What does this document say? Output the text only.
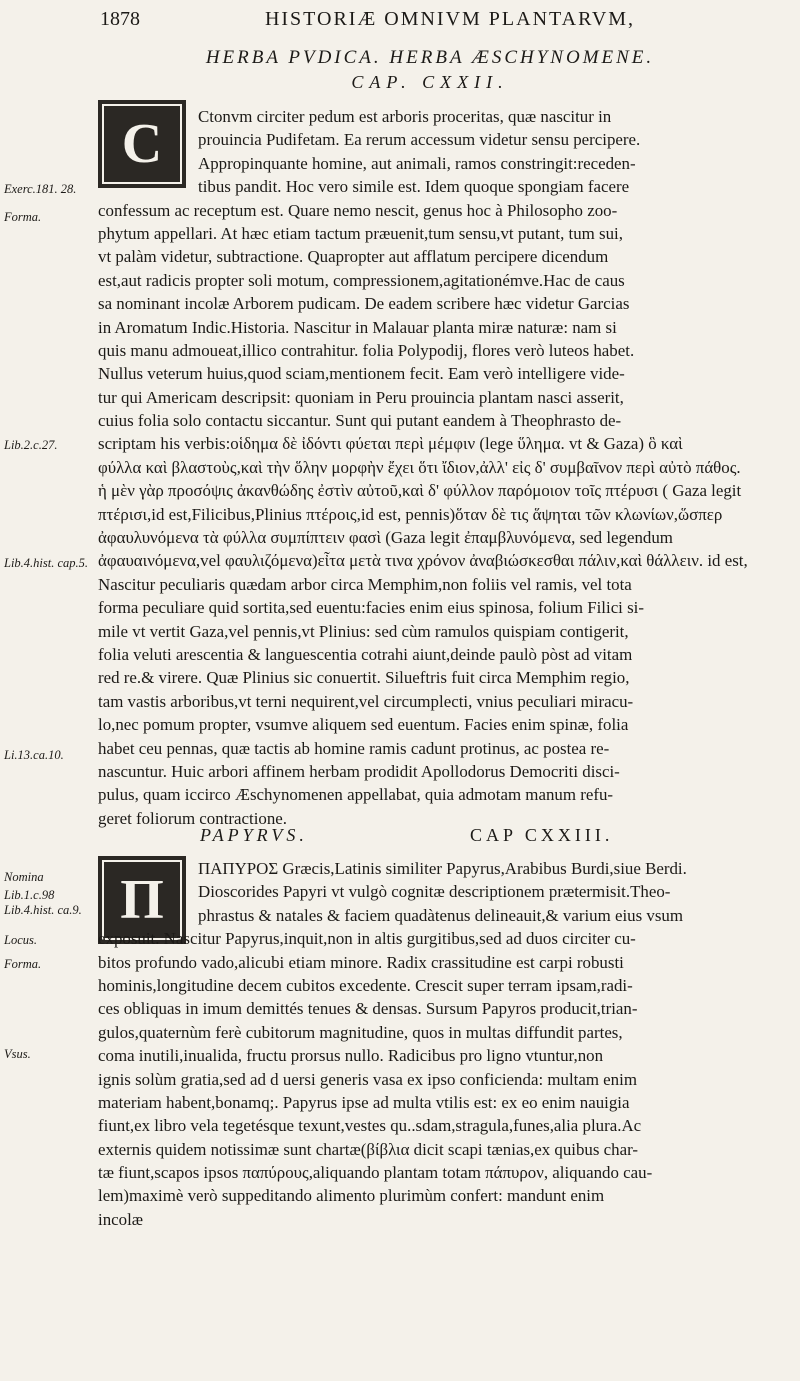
1878	HISTORIÆ OMNIVM PLANTARVM,
HERBA PVDICA. HERBA ÆSCHYNOMENE.
CAP. CXXII.
Exerc.181. 28.
Forma.
Lib.2.c.27.
Lib.4.hist. cap.5.
Li.13.ca.10.
Nomina
Lib.1.c.98 Lib.4.hist. ca.9.
Locus.
Forma.
Vsus.
C	Ctonvm circiter pedum est arboris proceritas, quæ nascitur in
prouincia Pudifetam. Ea rerum accessum videtur sensu percipere.
Appropinquante homine, aut animali, ramos constringit:receden-
tibus pandit. Hoc vero simile est. Idem quoque spongiam facere
confessum ac receptum est. Quare nemo nescit, genus hoc à Philosopho zoo-
phytum appellari. At hæc etiam tactum præuenit,tum sensu,vt putant, tum sui,
vt palàm videtur, subtractione. Quapropter aut afflatum percipere dicendum
est,aut radicis propter soli motum, compressionem,agitationémve.Hac de caus
sa nominant incolæ Arborem pudicam. De eadem scribere hæc videtur Garcias
in Aromatum Indic.Historia. Nascitur in Malauar planta miræ naturæ: nam si
quis manu admoueat,illico contrahitur. folia Polypodij, flores verò luteos habet.
Nullus veterum huius,quod sciam,mentionem fecit. Eam verò intelligere vide-
tur qui Americam descripsit: quoniam in Peru prouincia plantam nasci asserit,
cuius folia solo contactu siccantur. Sunt qui putant eandem à Theophrasto de-
scriptam his verbis:οἱδημα δὲ ἰδόντι φύεται περὶ μέμφιν (lege ὕλημα. vt & Gaza) ὃ καὶ
φύλλα καὶ βλαστοὺς,καὶ τὴν ὅλην μορφὴν ἔχει ὅτι ἴδιον,ἀλλ' εἰς δ' συμβαῖνον περὶ αὐτὸ πάθος.
ἡ μὲν γὰρ προσόψις ἀκανθώδης ἐστὶν αὐτοῦ,καὶ δ' φύλλον παρόμοιον τοῖς πτέρυσι ( Gaza legit
πτέρισι,id est,Filicibus,Plinius πτέροις,id est, pennis)ὅταν δὲ τις ἅψηται τῶν κλωνίων,ὥσπερ
ἀφαυλυνόμενα τὰ φύλλα συμπίπτειν φασὶ (Gaza legit ἐπαμβλυνόμενα, sed legendum
ἀφαυαινόμενα,vel φαυλιζόμενα)εἶτα μετὰ τινα χρόνον ἀναβιώσκεσθαι πάλιν,καὶ θάλλειν. id est,
Nascitur peculiaris quædam arbor circa Memphim,non foliis vel ramis, vel tota
forma peculiare quid sortita,sed euentu:facies enim eius spinosa, folium Filici si-
mile vt vertit Gaza,vel pennis,vt Plinius: sed cùm ramulos quispiam contigerit,
folia veluti arescentia & languescentia cotrahi aiunt,deinde paulò pòst ad vitam
red re.& virere. Quæ Plinius sic conuertit. Silueftris fuit circa Memphim regio,
tam vastis arboribus,vt terni nequirent,vel circumplecti, vnius peculiari miracu-
lo,nec pomum propter, vsumve aliquem sed euentum. Facies enim spinæ, folia
habet ceu pennas, quæ tactis ab homine ramis cadunt protinus, ac postea re-
nascuntur. Huic arbori affinem herbam prodidit Apollodorus Democriti disci-
pulus, quam iccirco Æschynomenen appellabat, quia admotam manum refu-
geret foliorum contractione.
PAPYRVS.	CAP CXXIII.
Π
ΠΑΠΥΡΟΣ Græcis,Latinis similiter Papyrus,Arabibus Burdi,siue Berdi.
Dioscorides Papyri vt vulgò cognitæ descriptionem prætermisit.Theo-
phrastus & natales & faciem quadàtenus delineauit,& varium eius vsum
exposuit. Nascitur Papyrus,inquit,non in altis gurgitibus,sed ad duos circiter cu-
bitos profundo vado,alicubi etiam minore. Radix crassitudine est carpi robusti
hominis,longitudine decem cubitos excedente. Crescit super terram ipsam,radi-
ces obliquas in imum demittés tenues & densas. Sursum Papyros producit,trian-
gulos,quaternùm ferè cubitorum magnitudine, quos in multas diffundit partes,
coma inutili,inualida, fructu prorsus nullo. Radicibus pro ligno vtuntur,non
ignis solùm gratia,sed ad d uersi generis vasa ex ipso conficienda: multam enim
materiam habent,bonamq;. Papyrus ipse ad multa vtilis est: ex eo enim nauigia
fiunt,ex libro vela tegetésque texunt,vestes qu..sdam,stragula,funes,alia plura.Ac
externis quidem notissimæ sunt chartæ(βίβλια dicit scapi tænias,ex quibus char-
tæ fiunt,scapos ipsos παπύρους,aliquando plantam totam πάπυρον, aliquando cau-
lem)maximè verò suppeditando alimento plurimùm confert: mandunt enim
incolæ
